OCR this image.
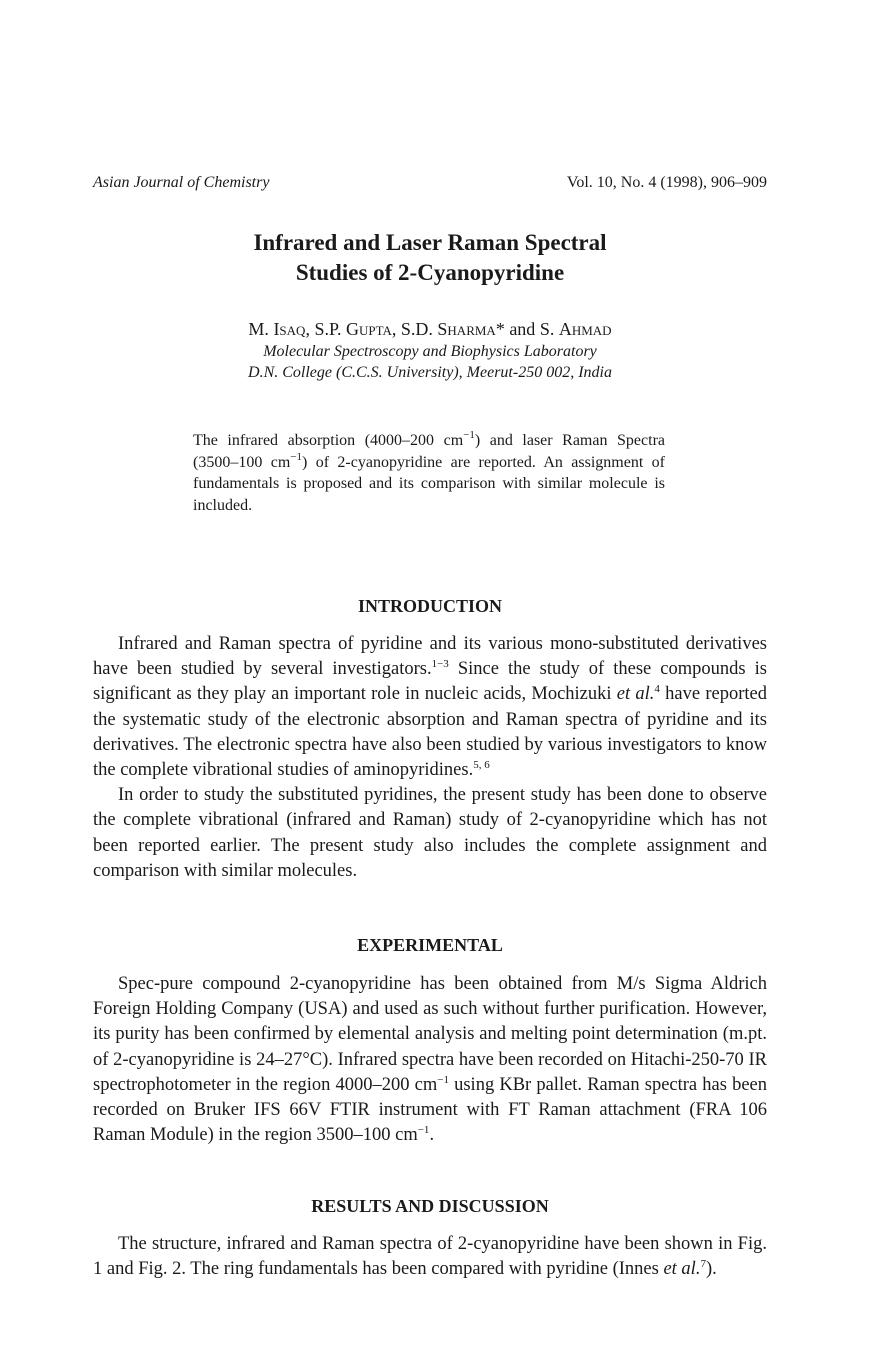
Asian Journal of Chemistry	Vol. 10, No. 4 (1998), 906–909
Infrared and Laser Raman Spectral
Studies of 2-Cyanopyridine
M. Isaq, S.P. Gupta, S.D. Sharma* and S. Ahmad
Molecular Spectroscopy and Biophysics Laboratory
D.N. College (C.C.S. University), Meerut-250 002, India

The infrared absorption (4000–200 $cm^{-1}$) and laser Raman Spectra (3500–100 $cm^{-1}$) of 2-cyanopyridine are reported. An assignment of fundamentals is proposed and its comparison with similar molecule is included.

INTRODUCTION

Infrared and Raman spectra of pyridine and its various mono-substituted derivatives have been studied by several investigators.$^{1-3}$ Since the study of these compounds is significant as they play an important role in nucleic acids, Mochizuki et al.$^4$ have reported the systematic study of the electronic absorption and Raman spectra of pyridine and its derivatives. The electronic spectra have also been studied by various investigators to know the complete vibrational studies of aminopyridines.$^{5, 6}$

In order to study the substituted pyridines, the present study has been done to observe the complete vibrational (infrared and Raman) study of 2-cyanopyridine which has not been reported earlier. The present study also includes the complete assignment and comparison with similar molecules.

EXPERIMENTAL

Spec-pure compound 2-cyanopyridine has been obtained from M/s Sigma Aldrich Foreign Holding Company (USA) and used as such without further purification. However, its purity has been confirmed by elemental analysis and melting point determination (m.pt. of 2-cyanopyridine is 24–27°C). Infrared spectra have been recorded on Hitachi-250-70 IR spectrophotometer in the region 4000–200 $cm^{-1}$ using KBr pallet. Raman spectra has been recorded on Bruker IFS 66V FTIR instrument with FT Raman attachment (FRA 106 Raman Module) in the region 3500–100 $cm^{-1}$.

RESULTS AND DISCUSSION

The structure, infrared and Raman spectra of 2-cyanopyridine have been shown in Fig. 1 and Fig. 2. The ring fundamentals has been compared with pyridine (Innes et al.$^7$).
